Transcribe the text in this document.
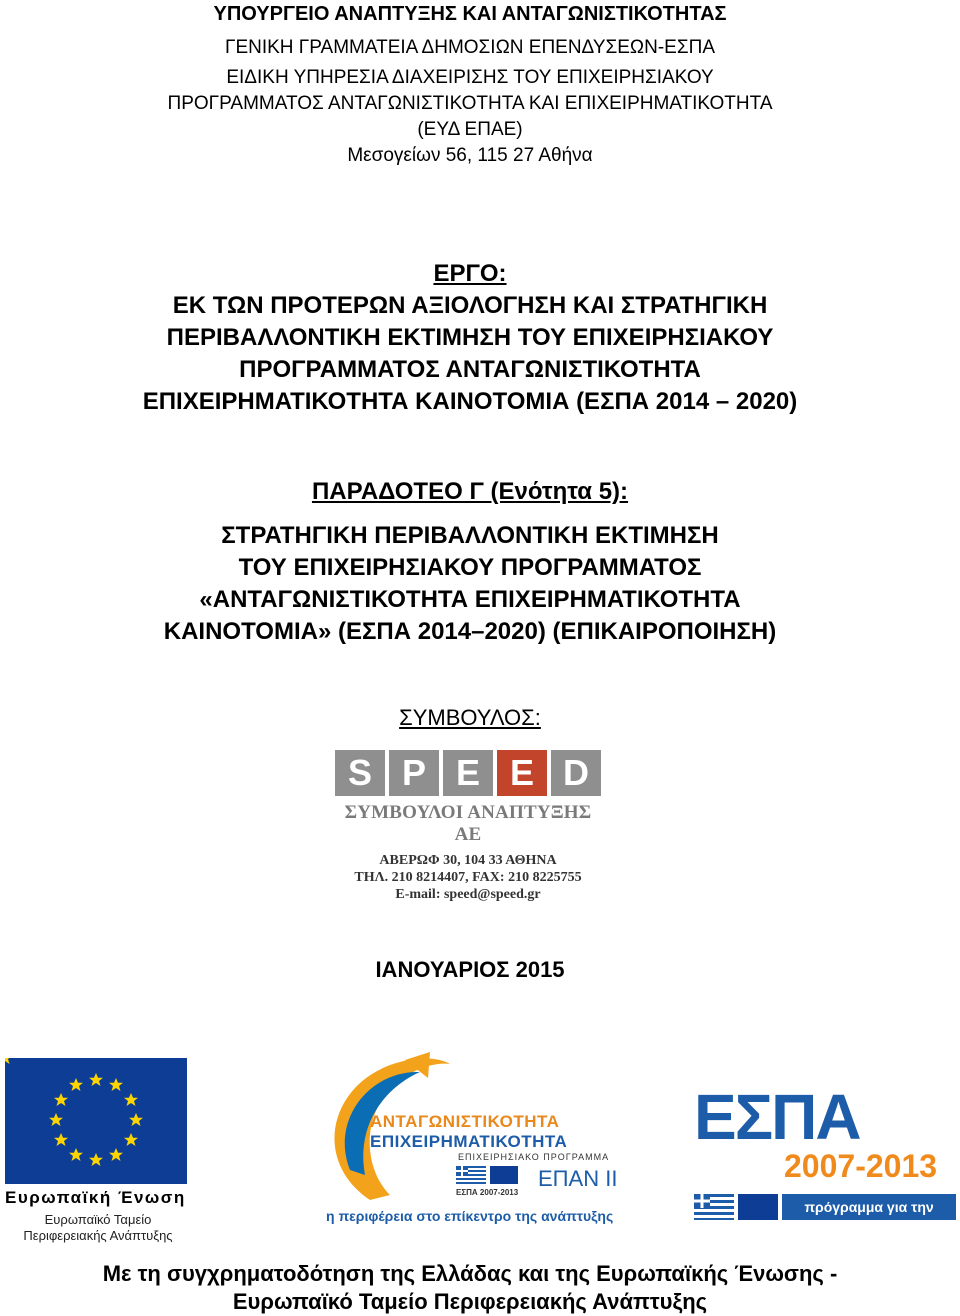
ΥΠΟΥΡΓΕΙΟ ΑΝΑΠΤΥΞΗΣ ΚΑΙ ΑΝΤΑΓΩΝΙΣΤΙΚΟΤΗΤΑΣ
ΓΕΝΙΚΗ ΓΡΑΜΜΑΤΕΙΑ ΔΗΜΟΣΙΩΝ ΕΠΕΝΔΥΣΕΩΝ-ΕΣΠΑ
ΕΙΔΙΚΗ ΥΠΗΡΕΣΙΑ ΔΙΑΧΕΙΡΙΣΗΣ ΤΟΥ ΕΠΙΧΕΙΡΗΣΙΑΚΟΥ
ΠΡΟΓΡΑΜΜΑΤΟΣ ΑΝΤΑΓΩΝΙΣΤΙΚΟΤΗΤΑ ΚΑΙ ΕΠΙΧΕΙΡΗΜΑΤΙΚΟΤΗΤΑ
(ΕΥΔ ΕΠΑΕ)
Μεσογείων 56, 115 27 Αθήνα
ΕΡΓΟ:
ΕΚ ΤΩΝ ΠΡΟΤΕΡΩΝ ΑΞΙΟΛΟΓΗΣΗ ΚΑΙ ΣΤΡΑΤΗΓΙΚΗ
ΠΕΡΙΒΑΛΛΟΝΤΙΚΗ ΕΚΤΙΜΗΣΗ ΤΟΥ ΕΠΙΧΕΙΡΗΣΙΑΚΟΥ
ΠΡΟΓΡΑΜΜΑΤΟΣ ΑΝΤΑΓΩΝΙΣΤΙΚΟΤΗΤΑ
ΕΠΙΧΕΙΡΗΜΑΤΙΚΟΤΗΤΑ ΚΑΙΝΟΤΟΜΙΑ (ΕΣΠΑ 2014 – 2020)
ΠΑΡΑΔΟΤΕΟ Γ (Ενότητα 5):
ΣΤΡΑΤΗΓΙΚΗ ΠΕΡΙΒΑΛΛΟΝΤΙΚΗ ΕΚΤΙΜΗΣΗ
ΤΟΥ ΕΠΙΧΕΙΡΗΣΙΑΚΟΥ ΠΡΟΓΡΑΜΜΑΤΟΣ
«ΑΝΤΑΓΩΝΙΣΤΙΚΟΤΗΤΑ ΕΠΙΧΕΙΡΗΜΑΤΙΚΟΤΗΤΑ
ΚΑΙΝΟΤΟΜΙΑ» (ΕΣΠΑ 2014–2020) (ΕΠΙΚΑΙΡΟΠΟΙΗΣΗ)
ΣΥΜΒΟΥΛΟΣ:
S P E E D
ΣΥΜΒΟΥΛΟΙ ΑΝΑΠΤΥΞΗΣ ΑΕ
ΑΒΕΡΩΦ 30, 104 33 ΑΘΗΝΑ
ΤΗΛ. 210 8214407, FAX: 210 8225755
E-mail: speed@speed.gr
ΙΑΝΟΥΑΡΙΟΣ 2015
Ευρωπαϊκή Ένωση
Ευρωπαϊκό Ταμείο
Περιφερειακής Ανάπτυξης
ΑΝΤΑΓΩΝΙΣΤΙΚΟΤΗΤΑ
ΕΠΙΧΕΙΡΗΜΑΤΙΚΟΤΗΤΑ
ΕΠΙΧΕΙΡΗΣΙΑΚΟ ΠΡΟΓΡΑΜΜΑ
ΕΣΠΑ 2007-2013
ΕΠΑΝ II
η περιφέρεια στο επίκεντρο της ανάπτυξης
ΕΣΠΑ
2007-2013
πρόγραμμα για την ανάπτυξη
Με τη συγχρηματοδότηση της Ελλάδας και της Ευρωπαϊκής Ένωσης -
Ευρωπαϊκό Ταμείο Περιφερειακής Ανάπτυξης
